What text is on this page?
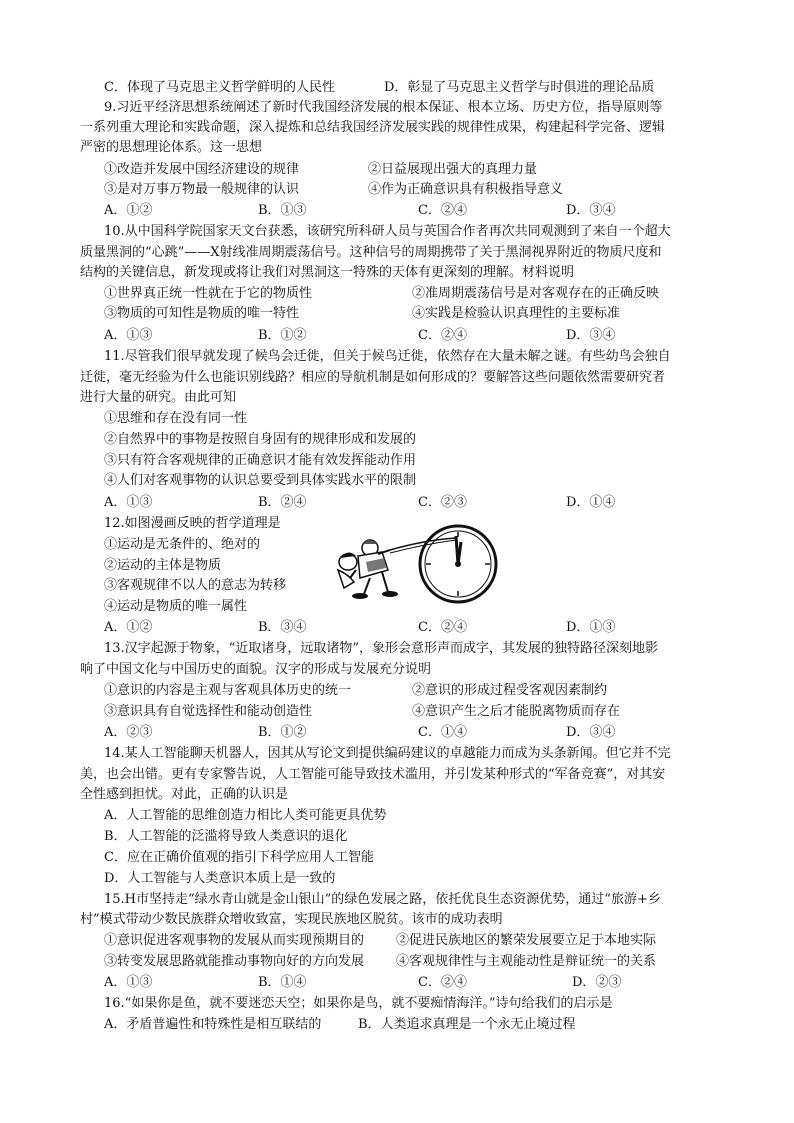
C．体现了马克思主义哲学鲜明的人民性	D．彰显了马克思主义哲学与时俱进的理论品质
9.习近平经济思想系统阐述了新时代我国经济发展的根本保证、根本立场、历史方位，指导原则等
一系列重大理论和实践命题，深入提炼和总结我国经济发展实践的规律性成果，构建起科学完备、逻辑
严密的思想理论体系。这一思想
①改造并发展中国经济建设的规律	②日益展现出强大的真理力量
③是对万事万物最一般规律的认识	④作为正确意识具有积极指导意义
A．①②	B．①③	C．②④	D．③④
10.从中国科学院国家天文台获悉，该研究所科研人员与英国合作者再次共同观测到了来自一个超大
质量黑洞的“心跳”——X射线准周期震荡信号。这种信号的周期携带了关于黑洞视界附近的物质尺度和
结构的关键信息，新发现或将让我们对黑洞这一特殊的天体有更深刻的理解。材料说明
①世界真正统一性就在于它的物质性	②准周期震荡信号是对客观存在的正确反映
③物质的可知性是物质的唯一特性	④实践是检验认识真理性的主要标准
A．①③	B．①②	C．②④	D．③④
11.尽管我们很早就发现了候鸟会迁徙，但关于候鸟迁徙，依然存在大量未解之谜。有些幼鸟会独自
迁徙，毫无经验为什么也能识别线路？相应的导航机制是如何形成的？要解答这些问题依然需要研究者
进行大量的研究。由此可知
①思维和存在没有同一性
②自然界中的事物是按照自身固有的规律形成和发展的
③只有符合客观规律的正确意识才能有效发挥能动作用
④人们对客观事物的认识总要受到具体实践水平的限制
A．①③	B．②④	C．②③	D．①④
12.如图漫画反映的哲学道理是
①运动是无条件的、绝对的
②运动的主体是物质
③客观规律不以人的意志为转移
④运动是物质的唯一属性
A．①②	B．③④	C．②④	D．①③
13.汉字起源于物象，“近取诸身，远取诸物”，象形会意形声而成字，其发展的独特路径深刻地影
响了中国文化与中国历史的面貌。汉字的形成与发展充分说明
①意识的内容是主观与客观具体历史的统一	②意识的形成过程受客观因素制约
③意识具有自觉选择性和能动创造性	④意识产生之后才能脱离物质而存在
A．②③	B．①②	C．①④	D．③④
14.某人工智能聊天机器人，因其从写论文到提供编码建议的卓越能力而成为头条新闻。但它并不完
美，也会出错。更有专家警告说，人工智能可能导致技术滥用，并引发某种形式的“军备竞赛”，对其安
全性感到担忧。对此，正确的认识是
A．人工智能的思维创造力相比人类可能更具优势
B．人工智能的泛滥将导致人类意识的退化
C．应在正确价值观的指引下科学应用人工智能
D．人工智能与人类意识本质上是一致的
15.H市坚持走“绿水青山就是金山银山”的绿色发展之路，依托优良生态资源优势，通过“旅游+乡
村”模式带动少数民族群众增收致富，实现民族地区脱贫。该市的成功表明
①意识促进客观事物的发展从而实现预期目的 ②促进民族地区的繁荣发展要立足于本地实际
③转变发展思路就能推动事物向好的方向发展 ④客观规律性与主观能动性是辩证统一的关系
A．①③	B．①④	C．②④	D．②③
16.“如果你是鱼，就不要迷恋天空；如果你是鸟，就不要痴情海洋。”诗句给我们的启示是
A．矛盾普遍性和特殊性是相互联结的	B．人类追求真理是一个永无止境过程
